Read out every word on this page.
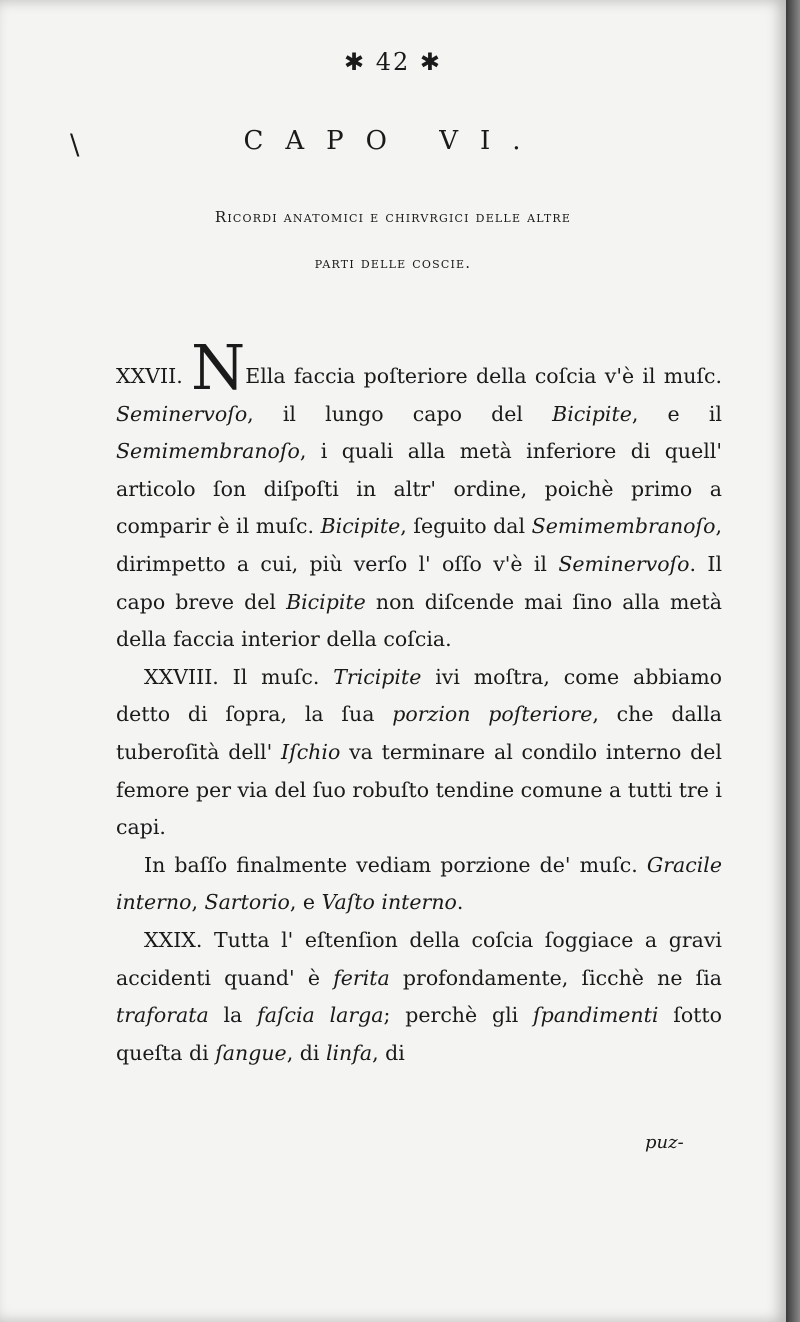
✱ 42 ✱
\	CAPO VI.
Ricordi anatomici e chirvrgici delle altre
parti delle coscie.

XXVII. NElla faccia poſteriore della coſcia v'è il muſc. Seminervoſo, il lungo capo del Bicipite, e il Semimembranoſo, i quali alla metà inferiore di quell' articolo ſon diſpoſti in altr' ordine, poichè primo a comparir è il muſc. Bicipite, ſeguito dal Semimembranoſo, dirimpetto a cui, più verſo l' oſſo v'è il Seminervoſo. Il capo breve del Bicipite non diſcende mai ſino alla metà della faccia interior della coſcia.

XXVIII. Il muſc. Tricipite ivi moſtra, come abbiamo detto di ſopra, la ſua porzion poſteriore, che dalla tuberoſità dell' Iſchio va terminare al condilo interno del femore per via del ſuo robuſto tendine comune a tutti tre i capi.

In baſſo finalmente vediam porzione de' muſc. Gracile interno, Sartorio, e Vaſto interno.

XXIX. Tutta l' eſtenſion della coſcia ſoggiace a gravi accidenti quand' è ferita profondamente, ſicchè ne ſia traforata la faſcia larga; perchè gli ſpandimenti ſotto queſta di ſangue, di linfa, di

puz-
